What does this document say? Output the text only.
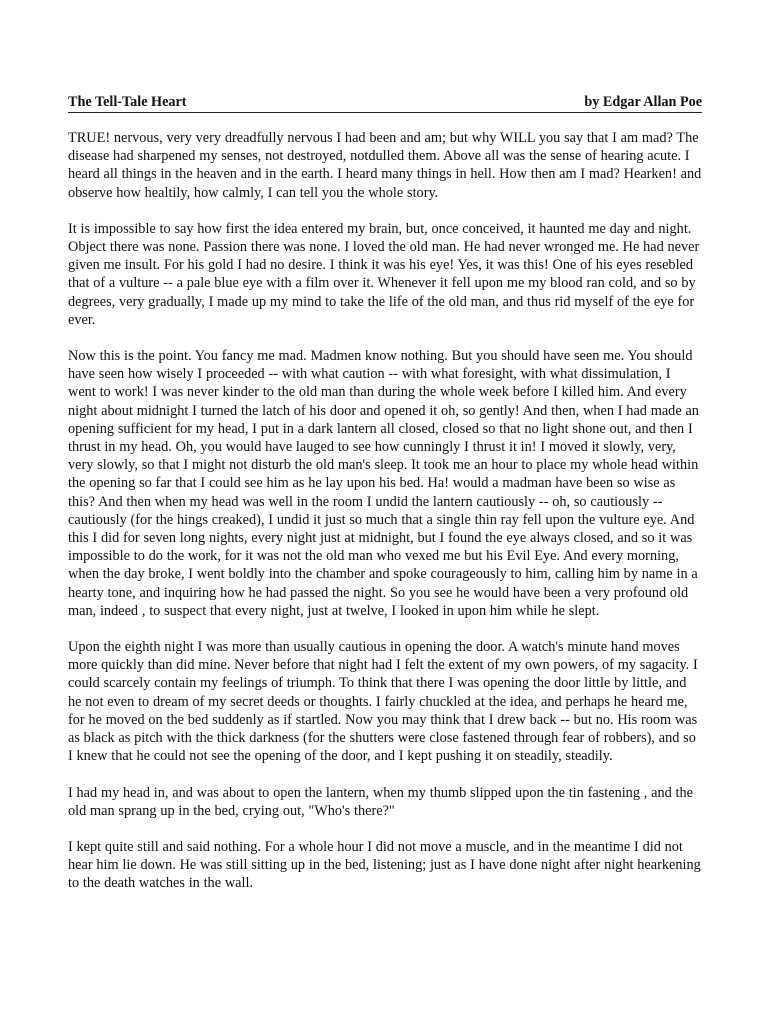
The Tell-Tale Heart	by Edgar Allan Poe

TRUE! nervous, very very dreadfully nervous I had been and am; but why WILL you say that I am mad? The disease had sharpened my senses, not destroyed, notdulled them. Above all was the sense of hearing acute. I heard all things in the heaven and in the earth. I heard many things in hell. How then am I mad? Hearken! and observe how healtily, how calmly, I can tell you the whole story.

It is impossible to say how first the idea entered my brain, but, once conceived, it haunted me day and night. Object there was none. Passion there was none. I loved the old man. He had never wronged me. He had never given me insult. For his gold I had no desire. I think it was his eye! Yes, it was this! One of his eyes resebled that of a vulture -- a pale blue eye with a film over it. Whenever it fell upon me my blood ran cold, and so by degrees, very gradually, I made up my mind to take the life of the old man, and thus rid myself of the eye for ever.

Now this is the point. You fancy me mad. Madmen know nothing. But you should have seen me. You should have seen how wisely I proceeded -- with what caution -- with what foresight, with what dissimulation, I went to work! I was never kinder to the old man than during the whole week before I killed him. And every night about midnight I turned the latch of his door and opened it oh, so gently! And then, when I had made an opening sufficient for my head, I put in a dark lantern all closed, closed so that no light shone out, and then I thrust in my head. Oh, you would have lauged to see how cunningly I thrust it in! I moved it slowly, very, very slowly, so that I might not disturb the old man's sleep. It took me an hour to place my whole head within the opening so far that I could see him as he lay upon his bed. Ha! would a madman have been so wise as this? And then when my head was well in the room I undid the lantern cautiously -- oh, so cautiously -- cautiously (for the hings creaked), I undid it just so much that a single thin ray fell upon the vulture eye. And this I did for seven long nights, every night just at midnight, but I found the eye always closed, and so it was impossible to do the work, for it was not the old man who vexed me but his Evil Eye. And every morning, when the day broke, I went boldly into the chamber and spoke courageously to him, calling him by name in a hearty tone, and inquiring how he had passed the night. So you see he would have been a very profound old man, indeed , to suspect that every night, just at twelve, I looked in upon him while he slept.

Upon the eighth night I was more than usually cautious in opening the door. A watch's minute hand moves more quickly than did mine. Never before that night had I felt the extent of my own powers, of my sagacity. I could scarcely contain my feelings of triumph. To think that there I was opening the door little by little, and he not even to dream of my secret deeds or thoughts. I fairly chuckled at the idea, and perhaps he heard me, for he moved on the bed suddenly as if startled. Now you may think that I drew back -- but no. His room was as black as pitch with the thick darkness (for the shutters were close fastened through fear of robbers), and so I knew that he could not see the opening of the door, and I kept pushing it on steadily, steadily.

I had my head in, and was about to open the lantern, when my thumb slipped upon the tin fastening , and the old man sprang up in the bed, crying out, "Who's there?"

I kept quite still and said nothing. For a whole hour I did not move a muscle, and in the meantime I did not hear him lie down. He was still sitting up in the bed, listening; just as I have done night after night hearkening to the death watches in the wall.
